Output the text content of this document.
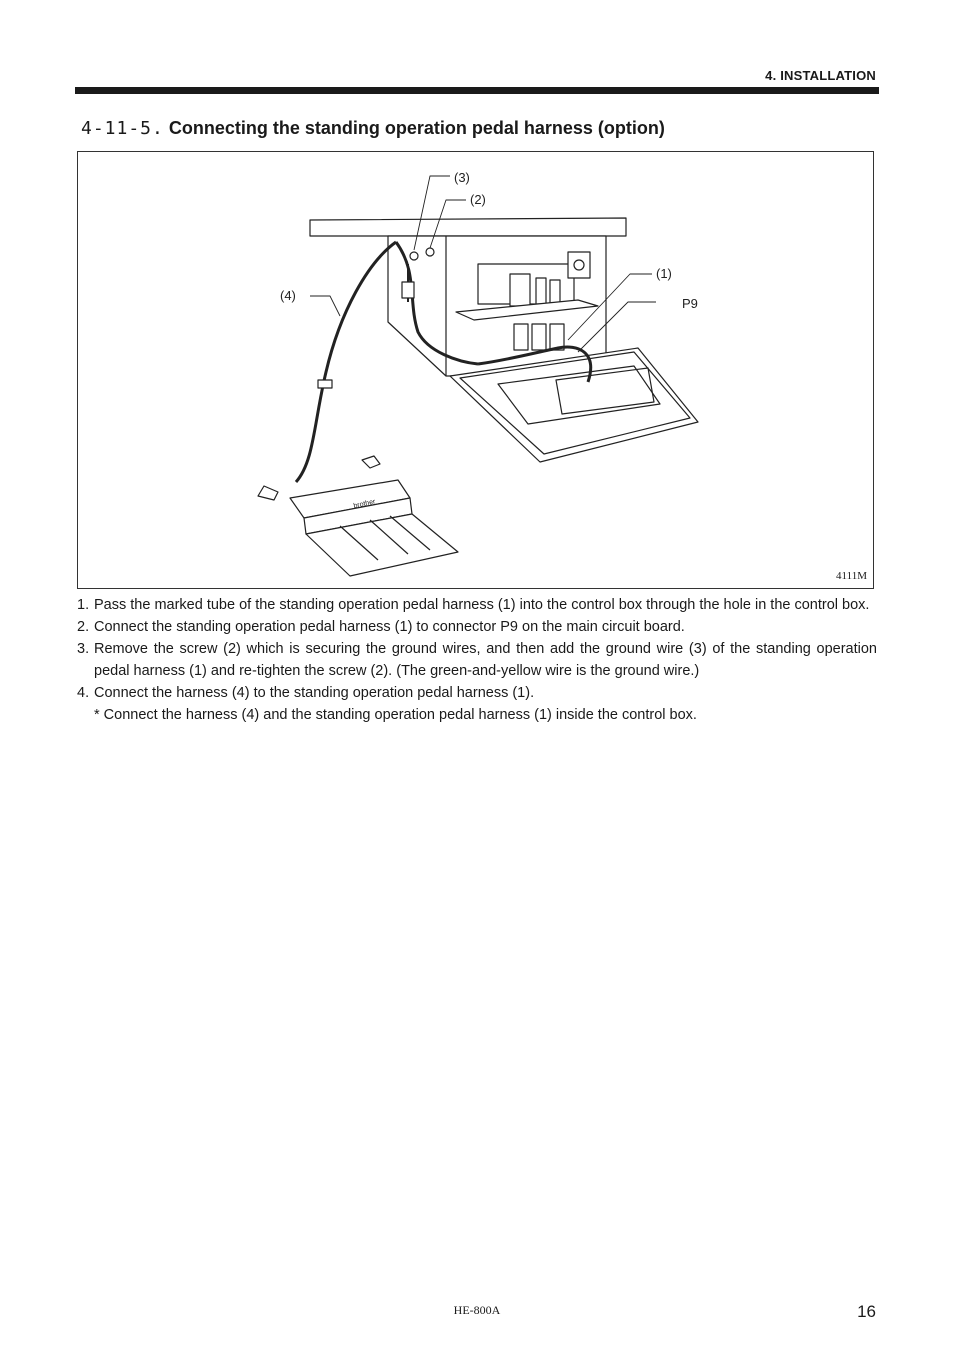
4. INSTALLATION
4-11-5. Connecting the standing operation pedal harness (option)
(3)
(2)
(1)
P9
(4)
brother
4111M
1. Pass the marked tube of the standing operation pedal harness (1) into the control box through the hole in the control box.
2. Connect the standing operation pedal harness (1) to connector P9 on the main circuit board.
3. Remove the screw (2) which is securing the ground wires, and then add the ground wire (3) of the standing operation pedal harness (1) and re-tighten the screw (2). (The green-and-yellow wire is the ground wire.)
4. Connect the harness (4) to the standing operation pedal harness (1).
* Connect the harness (4) and the standing operation pedal harness (1) inside the control box.
HE-800A	16
